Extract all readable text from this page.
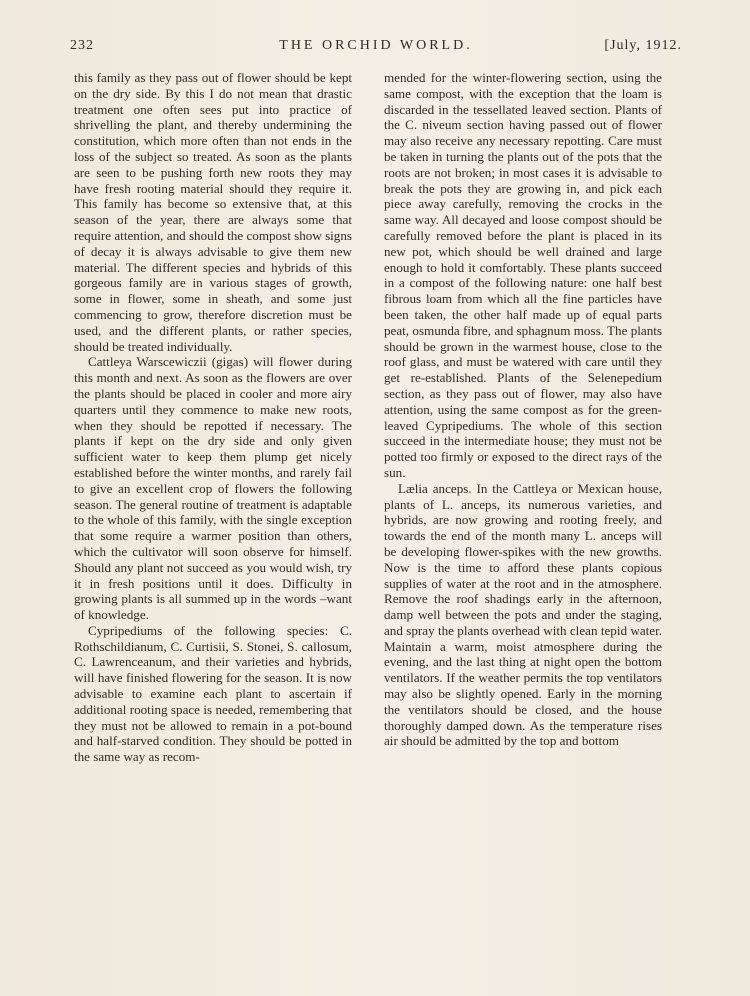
232	THE ORCHID WORLD.	[July, 1912.

this family as they pass out of flower should be kept on the dry side. By this I do not mean that drastic treatment one often sees put into practice of shrivelling the plant, and thereby undermining the constitution, which more often than not ends in the loss of the subject so treated. As soon as the plants are seen to be pushing forth new roots they may have fresh rooting material should they require it. This family has become so extensive that, at this season of the year, there are always some that require attention, and should the compost show signs of decay it is always advisable to give them new material. The different species and hybrids of this gorgeous family are in various stages of growth, some in flower, some in sheath, and some just commencing to grow, therefore discretion must be used, and the different plants, or rather species, should be treated individually.

Cattleya Warscewiczii (gigas) will flower during this month and next. As soon as the flowers are over the plants should be placed in cooler and more airy quarters until they commence to make new roots, when they should be repotted if necessary. The plants if kept on the dry side and only given sufficient water to keep them plump get nicely established before the winter months, and rarely fail to give an excellent crop of flowers the following season. The general routine of treatment is adaptable to the whole of this family, with the single exception that some require a warmer position than others, which the cultivator will soon observe for himself. Should any plant not succeed as you would wish, try it in fresh positions until it does. Difficulty in growing plants is all summed up in the words –want of knowledge.

Cypripediums of the following species: C. Rothschildianum, C. Curtisii, S. Stonei, S. callosum, C. Lawrenceanum, and their varieties and hybrids, will have finished flowering for the season. It is now advisable to examine each plant to ascertain if additional rooting space is needed, remembering that they must not be allowed to remain in a pot-bound and half-starved condition. They should be potted in the same way as recom-

mended for the winter-flowering section, using the same compost, with the exception that the loam is discarded in the tessellated leaved section. Plants of the C. niveum section having passed out of flower may also receive any necessary repotting. Care must be taken in turning the plants out of the pots that the roots are not broken; in most cases it is advisable to break the pots they are growing in, and pick each piece away carefully, removing the crocks in the same way. All decayed and loose compost should be carefully removed before the plant is placed in its new pot, which should be well drained and large enough to hold it comfortably. These plants succeed in a compost of the following nature: one half best fibrous loam from which all the fine particles have been taken, the other half made up of equal parts peat, osmunda fibre, and sphagnum moss. The plants should be grown in the warmest house, close to the roof glass, and must be watered with care until they get re-established. Plants of the Selenepedium section, as they pass out of flower, may also have attention, using the same compost as for the green-leaved Cypripediums. The whole of this section succeed in the intermediate house; they must not be potted too firmly or exposed to the direct rays of the sun.

Lælia anceps. In the Cattleya or Mexican house, plants of L. anceps, its numerous varieties, and hybrids, are now growing and rooting freely, and towards the end of the month many L. anceps will be developing flower-spikes with the new growths. Now is the time to afford these plants copious supplies of water at the root and in the atmosphere. Remove the roof shadings early in the afternoon, damp well between the pots and under the staging, and spray the plants overhead with clean tepid water. Maintain a warm, moist atmosphere during the evening, and the last thing at night open the bottom ventilators. If the weather permits the top ventilators may also be slightly opened. Early in the morning the ventilators should be closed, and the house thoroughly damped down. As the temperature rises air should be admitted by the top and bottom
